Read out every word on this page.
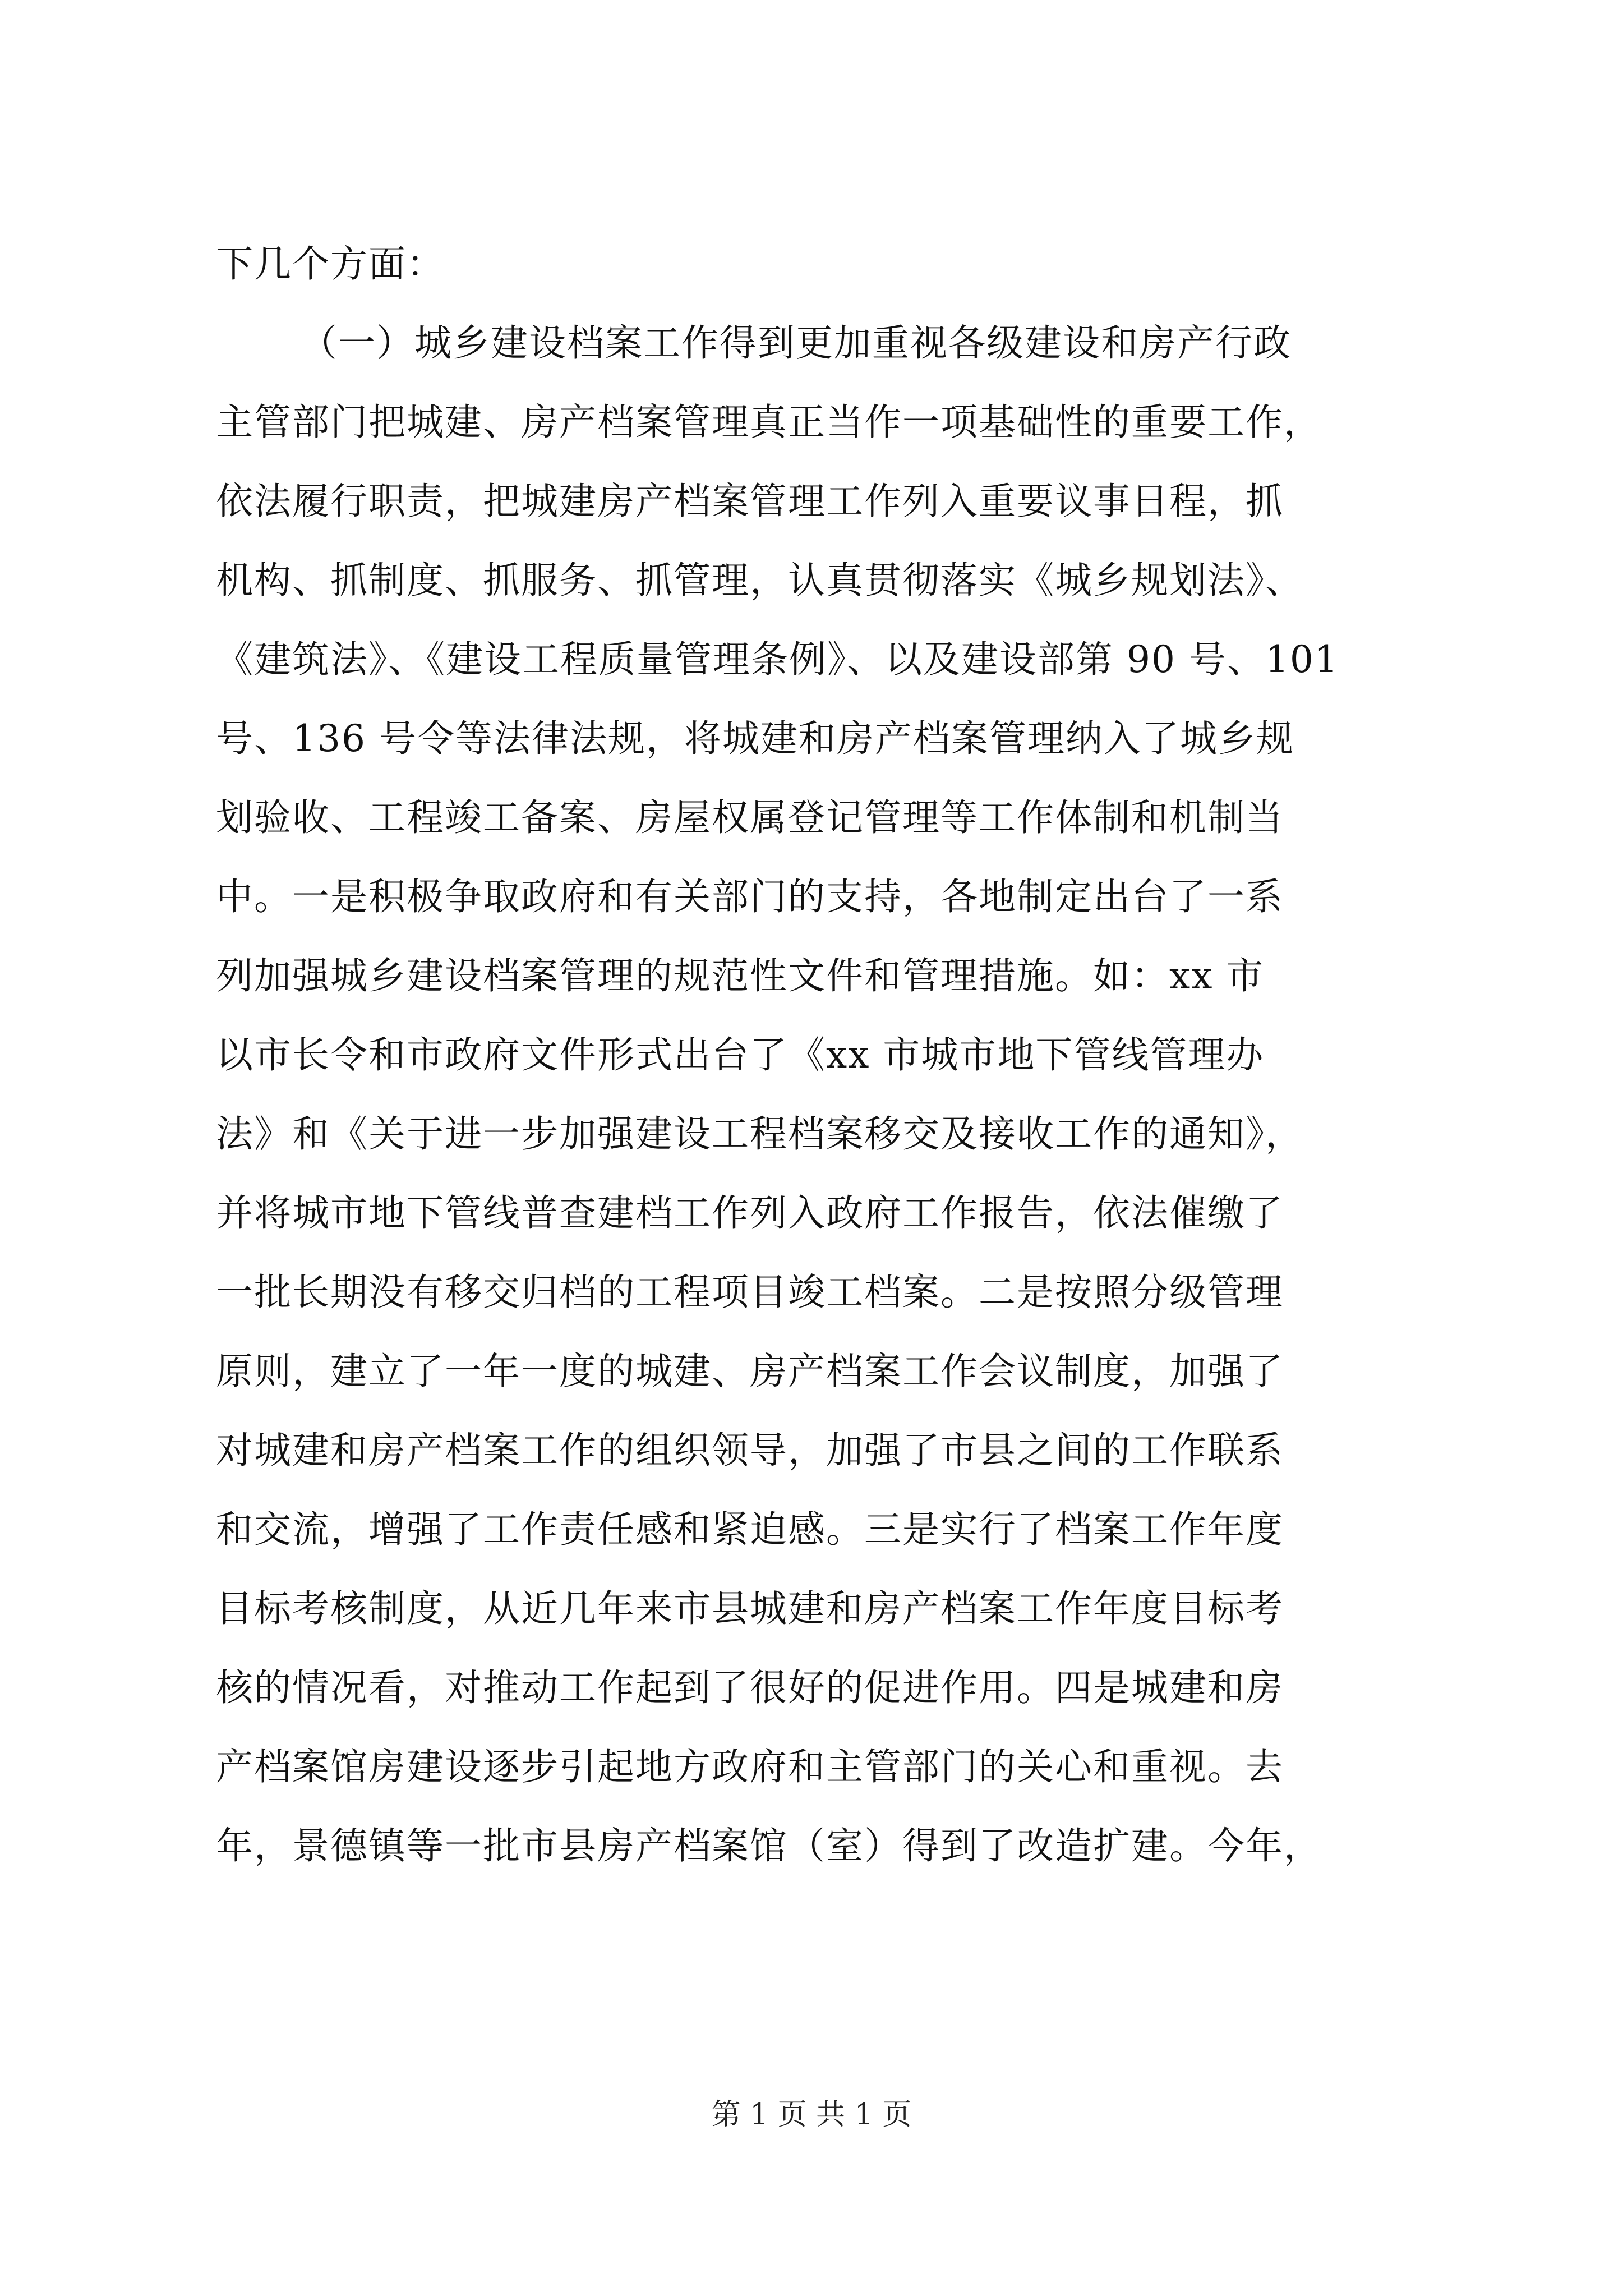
下几个方面：
（一）城乡建设档案工作得到更加重视各级建设和房产行政
主管部门把城建、房产档案管理真正当作一项基础性的重要工作，
依法履行职责，把城建房产档案管理工作列入重要议事日程，抓
机构、抓制度、抓服务、抓管理，认真贯彻落实《城乡规划法》、
《建筑法》、《建设工程质量管理条例》、以及建设部第 90 号、101
号、136 号令等法律法规，将城建和房产档案管理纳入了城乡规
划验收、工程竣工备案、房屋权属登记管理等工作体制和机制当
中。一是积极争取政府和有关部门的支持，各地制定出台了一系
列加强城乡建设档案管理的规范性文件和管理措施。如：xx 市
以市长令和市政府文件形式出台了《xx 市城市地下管线管理办
法》和《关于进一步加强建设工程档案移交及接收工作的通知》，
并将城市地下管线普查建档工作列入政府工作报告，依法催缴了
一批长期没有移交归档的工程项目竣工档案。二是按照分级管理
原则，建立了一年一度的城建、房产档案工作会议制度，加强了
对城建和房产档案工作的组织领导，加强了市县之间的工作联系
和交流，增强了工作责任感和紧迫感。三是实行了档案工作年度
目标考核制度，从近几年来市县城建和房产档案工作年度目标考
核的情况看，对推动工作起到了很好的促进作用。四是城建和房
产档案馆房建设逐步引起地方政府和主管部门的关心和重视。去
年，景德镇等一批市县房产档案馆（室）得到了改造扩建。今年，
第 1 页 共 1 页
